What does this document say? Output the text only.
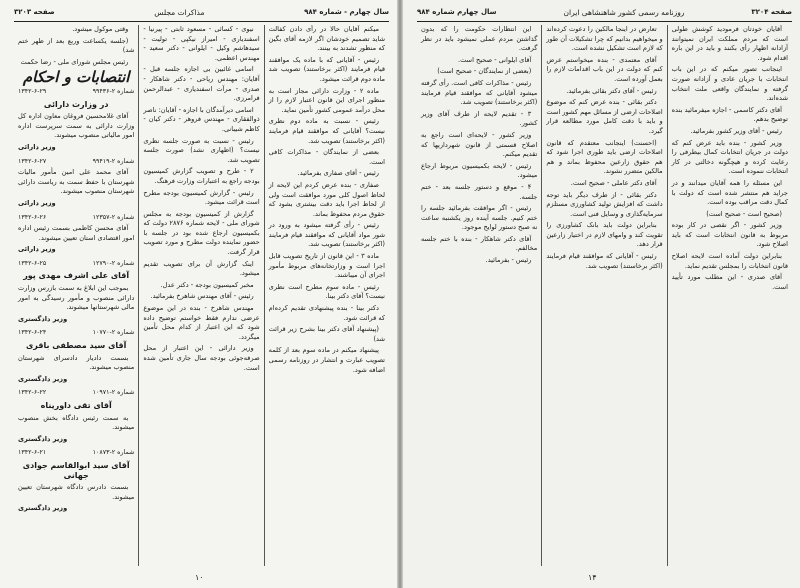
سال چهارم - شماره ۹۸۴
مذاکرات مجلس
صفحه ۳۲۰۳

میکنم آقایان حالا در رأی دادن کفالت شاید تصمیم خودشان اگر لازمه آقای بگین که منظور تشدند به بینند.

رئیس - آقایانی که با ماده یک موافقند قیام فرمایند (اکثر برخاستند) تصویب شد ماده دوم قرائت میشود.

ماده ۲ - وزارت دارائی مجاز است به منظور اجرای این قانون اعتبار لازم را از محل درآمد عمومی کشور تأمین نماید.

رئیس - نسبت به ماده دوم نظری نیست؟ آقایانی که موافقند قیام فرمایند (اکثر برخاستند) تصویب شد.

بعضی از نمایندگان - مذاکرات کافی است.

رئیس - آقای صفاری بفرمائید.

صفاری - بنده عرض کردم این لایحه از لحاظ اصول کلی مورد موافقت است ولی از لحاظ اجرا باید دقت بیشتری بشود که حقوق مردم محفوظ بماند.

رئیس - رأی گرفته میشود به ورود در شور مواد آقایانی که موافقند قیام فرمایند (اکثر برخاستند) تصویب شد.

ماده ۳ - این قانون از تاریخ تصویب قابل اجرا است و وزارتخانه‌های مربوط مأمور اجرای آن میباشند.

رئیس - ماده سوم مطرح است نظری نیست؟ آقای دکتر بینا.

دکتر بینا - بنده پیشنهادی تقدیم کرده‌ام که قرائت شود.

(پیشنهاد آقای دکتر بینا بشرح زیر قرائت شد)

پیشنهاد میکنم در ماده سوم بعد از کلمه تصویب عبارت و انتشار در روزنامه رسمی اضافه شود.

نیوی - کسائی - مسعود ثابتی - پیرنیا - اسفندیاری - امیراز نیکپی - تولیت - سیدهاشم وکیل - ایلوانی - دکتر سعید - مهندس اعظمی.

اسامی غائبین بی اجازه جلسه قبل - آقایان: مهندس ریاحی - دکتر شاهکار - صدری - مرآت اسفندیاری - عبدالرحمن فرامرزی.

اسامی دیرآمدگان با اجازه - آقایان: ناصر ذوالفقاری - مهندس فروهر - دکتر کیان - کاظم شیبانی.

رئیس - نسبت به صورت جلسه نظری نیست؟ (اظهاری نشد) صورت جلسه تصویب شد.

۲ - طرح و تصویب گزارش کمیسیون بودجه راجع به اعتبارات وزارت فرهنگ.

رئیس - گزارش کمیسیون بودجه مطرح است قرائت میشود.

گزارش از کمیسیون بودجه به مجلس شورای ملی - لایحه شماره ۲۸۷۶ دولت که بکمیسیون ارجاع شده بود در جلسه با حضور نماینده دولت مطرح و مورد تصویب قرار گرفت.

اینک گزارش آن برای تصویب تقدیم میشود.

مخبر کمیسیون بودجه - دکتر عدل.

رئیس - آقای مهندس شاهرخ بفرمائید.

مهندس شاهرخ - بنده در این موضوع عرضی ندارم فقط خواستم توضیح داده شود که این اعتبار از کدام محل تأمین میگردد.

وزیر دارائی - این اعتبار از محل صرفه‌جوئی بودجه سال جاری تأمین شده است.

وقتی موکول میشود.

(جلسه یکساعت وربع بعد از ظهر ختم شد)

رئیس مجلس شورای ملی - رضا حکمت

انتصابات و احکام
شماره ۲-۹۹۴۳۶
۱۳۴۲-۶-۲۹
در وزارت دارائی

آقای غلامحسین فروغان معاون اداره کل وزارت دارائی به سمت سرپرست اداره امور مالیاتی منصوب میشوند.

وزیر دارائی
شماره ۲-۹۹۴۱۹
۱۳۴۲-۶-۲۷

آقای محمد علی امین مأمور مالیات شهرستان با حفظ سمت به ریاست دارائی شهرستان منصوب میشوند.

وزیر دارائی
شماره ۲-۱۲۳۵۷
۱۳۴۲-۶-۲۶

آقای محسن کاظمی بسمت رئیس اداره امور اقتصادی استان تعیین میشوند.

وزیر دارائی
شماره ۲-۱۲۷۹۰
۱۳۴۲-۶-۲۵
آقای علی اشرف مهدی پور

بموجب این ابلاغ به سمت بازرس وزارت دارائی منصوب و مأمور رسیدگی به امور مالی شهرستانها میشوند.

وزیر دادگستری
شماره ۲-۱۰۷۷۰
۱۳۴۲-۶-۲۴
آقای سید مصطفی باقری

بسمت دادیار دادسرای شهرستان منصوب میشوند.

وزیر دادگستری
شماره ۲-۱۰۹۷۱
۱۳۴۲-۶-۲۲
آقای تقی داوریناه

به سمت رئیس دادگاه بخش منصوب میشوند.

وزیر دادگستری
شماره ۲-۱۰۸۷۳
۱۳۴۲-۶-۲۱
آقای سید ابوالقاسم جوادی جهانی

بسمت دادرس دادگاه شهرستان تعیین میشوند.

وزیر دادگستری
۱۰
صفحه ۳۲۰۴
روزنامه رسمی کشور شاهنشاهی ایران
سال چهارم شماره ۹۸۴

آقایان خودتان فرمودید کوشش طولی است که مردم مملکت ایران نمیتوانند آزادانه اظهار رأی بکنند و باید در این باره اقدام شود.

اینجانب تصور میکنم که در این باب انتخابات با جریان عادی و آزادانه صورت گرفته و نمایندگان واقعی ملت انتخاب شده‌اند.

آقای دکتر کاسمی - اجازه میفرمائید بنده توضیح بدهم.

رئیس - آقای وزیر کشور بفرمائید.

وزیر کشور - بنده باید عرض کنم که دولت در جریان انتخابات کمال بیطرفی را رعایت کرده و هیچگونه دخالتی در کار انتخابات ننموده است.

این مسئله را همه آقایان میدانند و در جراید هم منتشر شده است که دولت با کمال دقت مراقب بوده است.

(صحیح است - صحیح است)

وزیر کشور - اگر نقصی در کار بوده مربوط به قانون انتخابات است که باید اصلاح شود.

بنابراین دولت آماده است لایحه اصلاح قانون انتخابات را بمجلس تقدیم نماید.

آقای صدری - این مطلب مورد تأیید است.

تعارض در اینجا مالکین را دعوت کرده‌اند و میخواهیم بدانیم که چرا تشکیلات آن طور که لازم است تشکیل نشده است.

آقای معتمدی - بنده میخواستم عرض کنم که دولت در این باب اقدامات لازم را بعمل آورده است.

رئیس - آقای دکتر بقائی بفرمائید.

دکتر بقائی - بنده عرض کنم که موضوع اصلاحات ارضی از مسائل مهم کشور است و باید با دقت کامل مورد مطالعه قرار گیرد.

(احسنت) اینجانب معتقدم که قانون اصلاحات ارضی باید طوری اجرا شود که هم حقوق زارعین محفوظ بماند و هم مالکین متضرر نشوند.

آقای دکتر عاملی - صحیح است.

دکتر بقائی - از طرف دیگر باید توجه داشت که افزایش تولید کشاورزی مستلزم سرمایه‌گذاری و وسایل فنی است.

بنابراین دولت باید بانک کشاورزی را تقویت کند و وامهای لازم در اختیار زارعین قرار دهد.

رئیس - آقایانی که موافقند قیام فرمایند (اکثر برخاستند) تصویب شد.

این انتظارات حکومت را که بدون گذاشتن مردم عملی نمیشود باید در نظر گرفت.

آقای ایلوانی - صحیح است.

(بعضی از نمایندگان - صحیح است)

رئیس - مذاکرات کافی است. رأی گرفته میشود آقایانی که موافقند قیام فرمایند (اکثر برخاستند) تصویب شد.

۳ - تقدیم لایحه از طرف آقای وزیر کشور.

وزیر کشور - لایحه‌ای است راجع به اصلاح قسمتی از قانون شهرداریها که تقدیم میکنم.

رئیس - لایحه بکمیسیون مربوط ارجاع میشود.

۴ - موقع و دستور جلسه بعد - ختم جلسه.

رئیس - اگر موافقت بفرمائید جلسه را ختم کنیم. جلسه آینده روز یکشنبه ساعت نه صبح دستور لوایح موجود.

آقای دکتر شاهکار - بنده با ختم جلسه مخالفم.

رئیس - بفرمائید.

۱۴
